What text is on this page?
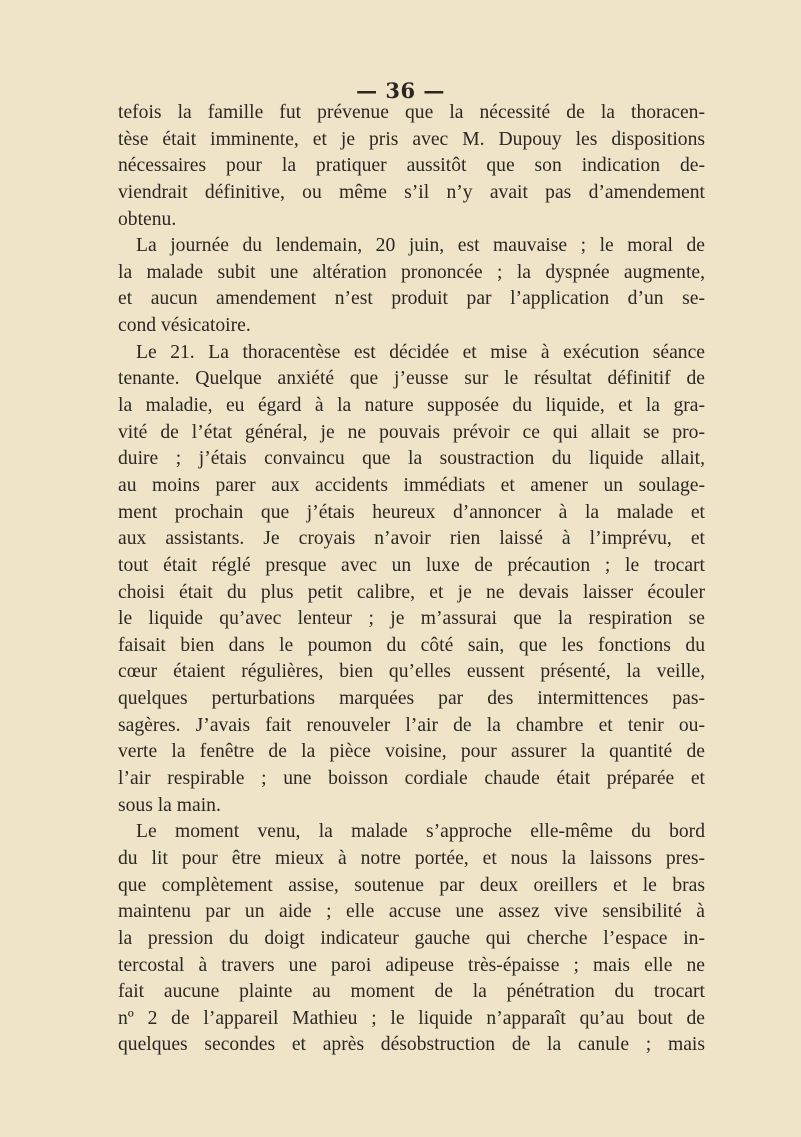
— 36 —
tefois la famille fut prévenue que la nécessité de la thoracen-
tèse était imminente, et je pris avec M. Dupouy les dispositions
nécessaires pour la pratiquer aussitôt que son indication de-
viendrait définitive, ou même s’il n’y avait pas d’amendement
obtenu.
La journée du lendemain, 20 juin, est mauvaise ; le moral de
la malade subit une altération prononcée ; la dyspnée augmente,
et aucun amendement n’est produit par l’application d’un se-
cond vésicatoire.
Le 21. La thoracentèse est décidée et mise à exécution séance
tenante. Quelque anxiété que j’eusse sur le résultat définitif de
la maladie, eu égard à la nature supposée du liquide, et la gra-
vité de l’état général, je ne pouvais prévoir ce qui allait se pro-
duire ; j’étais convaincu que la soustraction du liquide allait,
au moins parer aux accidents immédiats et amener un soulage-
ment prochain que j’étais heureux d’annoncer à la malade et
aux assistants. Je croyais n’avoir rien laissé à l’imprévu, et
tout était réglé presque avec un luxe de précaution ; le trocart
choisi était du plus petit calibre, et je ne devais laisser écouler
le liquide qu’avec lenteur ; je m’assurai que la respiration se
faisait bien dans le poumon du côté sain, que les fonctions du
cœur étaient régulières, bien qu’elles eussent présenté, la veille,
quelques perturbations marquées par des intermittences pas-
sagères. J’avais fait renouveler l’air de la chambre et tenir ou-
verte la fenêtre de la pièce voisine, pour assurer la quantité de
l’air respirable ; une boisson cordiale chaude était préparée et
sous la main.
Le moment venu, la malade s’approche elle-même du bord
du lit pour être mieux à notre portée, et nous la laissons pres-
que complètement assise, soutenue par deux oreillers et le bras
maintenu par un aide ; elle accuse une assez vive sensibilité à
la pression du doigt indicateur gauche qui cherche l’espace in-
tercostal à travers une paroi adipeuse très-épaisse ; mais elle ne
fait aucune plainte au moment de la pénétration du trocart
nº 2 de l’appareil Mathieu ; le liquide n’apparaît qu’au bout de
quelques secondes et après désobstruction de la canule ; mais
